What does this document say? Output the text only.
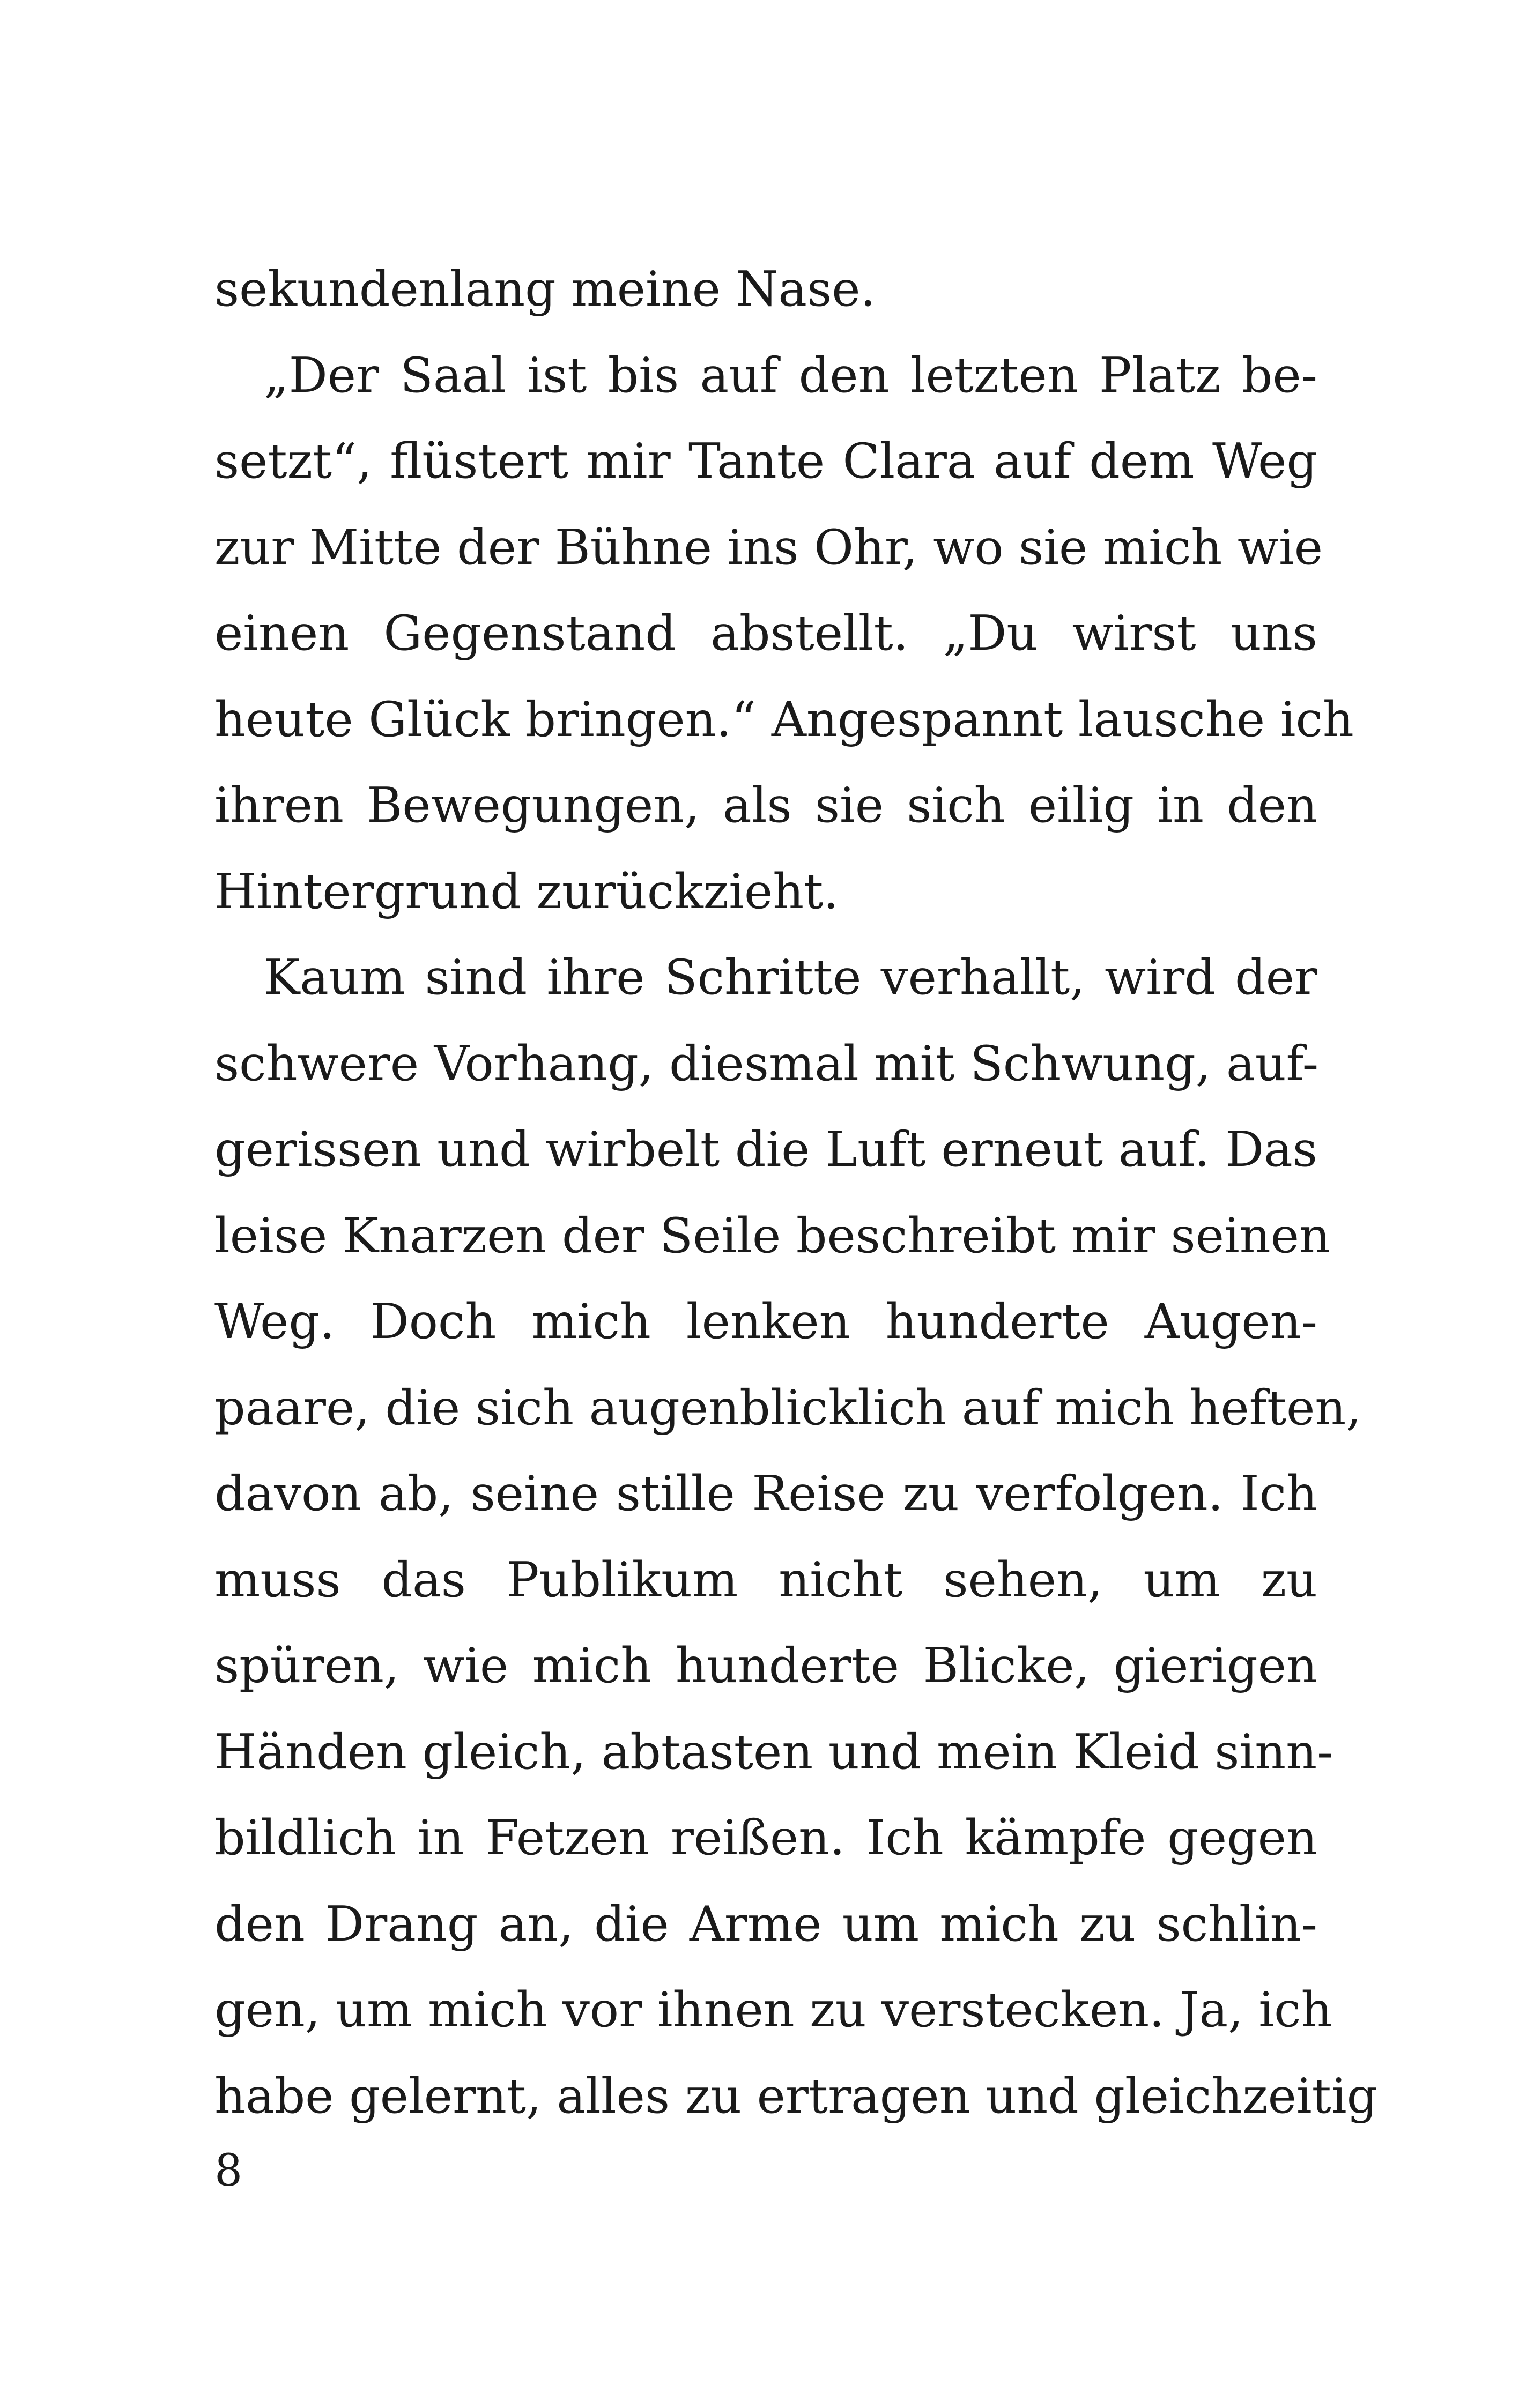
sekundenlang meine Nase.
„Der Saal ist bis auf den letzten Platz be-
setzt“, flüstert mir Tante Clara auf dem Weg
zur Mitte der Bühne ins Ohr, wo sie mich wie
einen Gegenstand abstellt. „Du wirst uns
heute Glück bringen.“ Angespannt lausche ich
ihren Bewegungen, als sie sich eilig in den
Hintergrund zurückzieht.
Kaum sind ihre Schritte verhallt, wird der
schwere Vorhang, diesmal mit Schwung, auf-
gerissen und wirbelt die Luft erneut auf. Das
leise Knarzen der Seile beschreibt mir seinen
Weg. Doch mich lenken hunderte Augen-
paare, die sich augenblicklich auf mich heften,
davon ab, seine stille Reise zu verfolgen. Ich
muss das Publikum nicht sehen, um zu
spüren, wie mich hunderte Blicke, gierigen
Händen gleich, abtasten und mein Kleid sinn-
bildlich in Fetzen reißen. Ich kämpfe gegen
den Drang an, die Arme um mich zu schlin-
gen, um mich vor ihnen zu verstecken. Ja, ich
habe gelernt, alles zu ertragen und gleichzeitig
8
